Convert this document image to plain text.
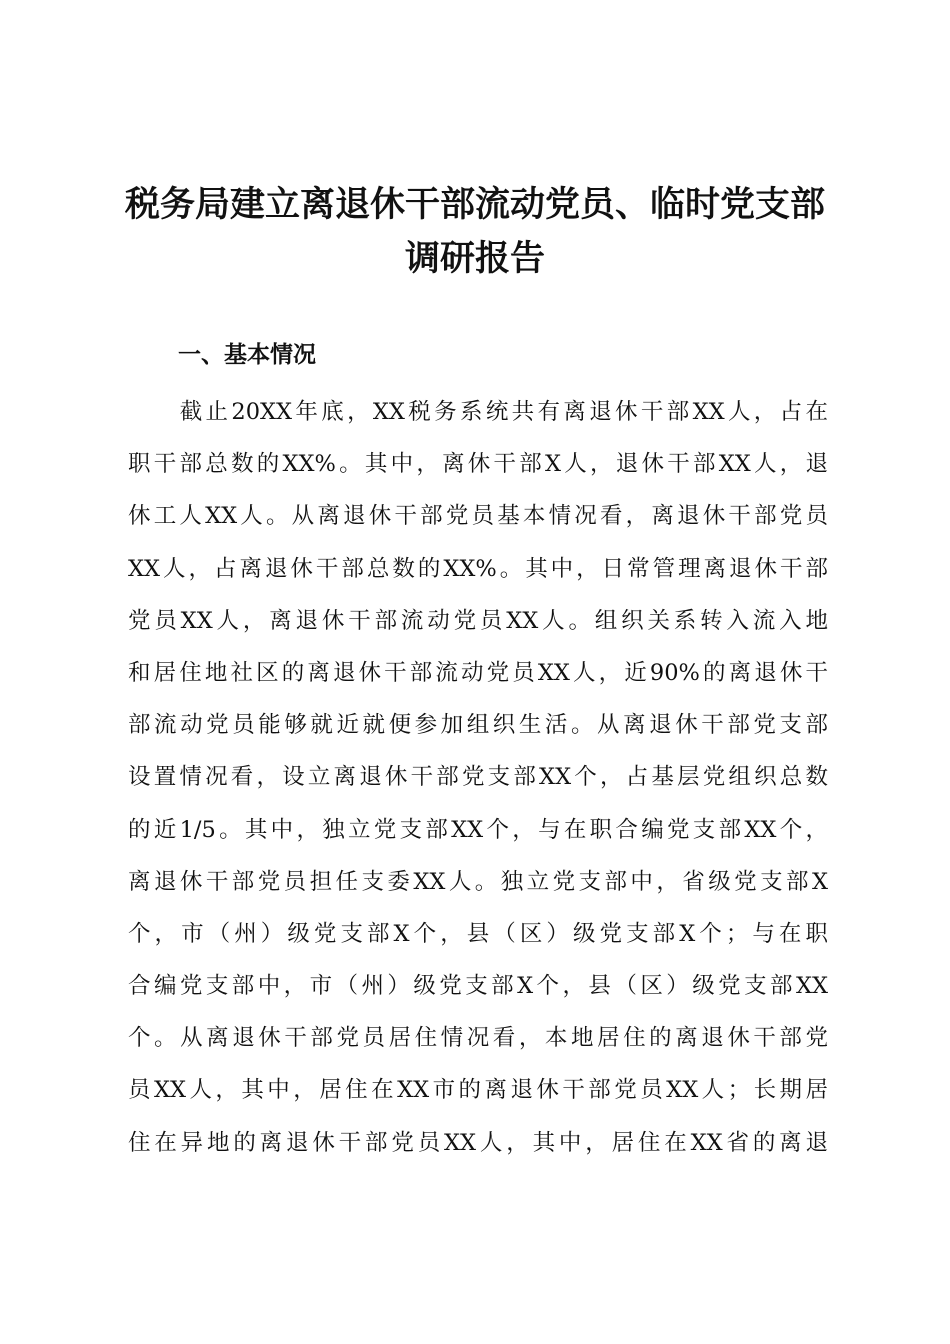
税务局建立离退休干部流动党员、临时党支部
调研报告
一、基本情况
　　截止20XX年底，XX税务系统共有离退休干部XX人，占在
职干部总数的XX%。其中，离休干部X人，退休干部XX人，退
休工人XX人。从离退休干部党员基本情况看，离退休干部党员
XX人，占离退休干部总数的XX%。其中，日常管理离退休干部
党员XX人，离退休干部流动党员XX人。组织关系转入流入地
和居住地社区的离退休干部流动党员XX人，近90%的离退休干
部流动党员能够就近就便参加组织生活。从离退休干部党支部
设置情况看，设立离退休干部党支部XX个，占基层党组织总数
的近1/5。其中，独立党支部XX个，与在职合编党支部XX个，
离退休干部党员担任支委XX人。独立党支部中，省级党支部X
个，市（州）级党支部X个，县（区）级党支部X个；与在职
合编党支部中，市（州）级党支部X个，县（区）级党支部XX
个。从离退休干部党员居住情况看，本地居住的离退休干部党
员XX人，其中，居住在XX市的离退休干部党员XX人；长期居
住在异地的离退休干部党员XX人，其中，居住在XX省的离退
